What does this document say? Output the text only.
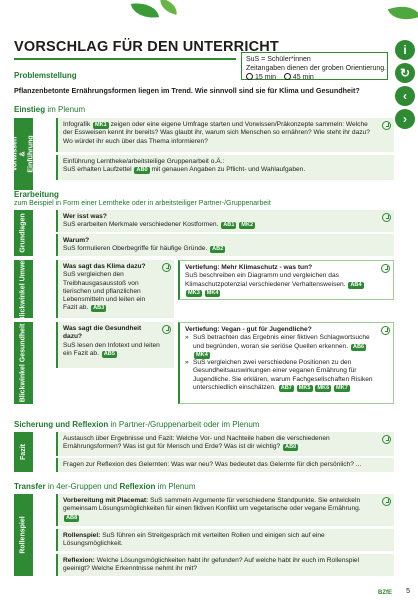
i
↻
‹
›
VORSCHLAG FÜR DEN UNTERRICHT
SuS = Schüler*innen
Zeitangaben dienen der groben Orientierung.
15 min 45 min
Problemstellung
Pflanzenbetonte Ernährungsformen liegen im Trend. Wie sinnvoll sind sie für Klima und Gesundheit?
Einstieg im Plenum
Vorwissen & Einführung
Infografik MK1 zeigen oder eine eigene Umfrage starten und Vorwissen/Präkonzepte sammeln: Welche der Essweisen kennt ihr bereits? Was glaubt ihr, warum sich Menschen so ernähren? Wie steht ihr dazu? Wo würdet ihr euch über das Thema informieren?
Einführung Lerntheke/arbeitsteilige Gruppenarbeit o.Ä.:
SuS erhalten Laufzettel AB0 mit genauen Angaben zu Pflicht- und Wahlaufgaben.
Erarbeitung
zum Beispiel in Form einer Lerntheke oder in arbeitsteiliger Partner-/Gruppenarbeit
Grundlagen	Wer isst was?
SuS erarbeiten Merkmale verschiedener Kostformen. AB1 MK2
Warum?
SuS formulieren Oberbegriffe für häufige Gründe. AB2
Blickwinkel Umwelt	Was sagt das Klima dazu?
SuS vergleichen den Treibhausgasausstoß von tierischen und pflanzlichen Lebensmitteln und leiten ein Fazit ab. AB3
Vertiefung: Mehr Klimaschutz - was tun?
SuS beschreiben ein Diagramm und vergleichen das Klimaschutzpotenzial verschiedener Verhaltensweisen. AB4 MK3 MK4
Blickwinkel Gesundheit	Was sagt die Gesundheit dazu?
SuS lesen den Infotext und leiten ein Fazit ab. AB5
Vertiefung: Vegan - gut für Jugendliche?
» SuS betrachten das Ergebnis einer fiktiven Schlagwortsuche und begründen, woran sie seriöse Quellen erkennen. AB6 MK4
» SuS vergleichen zwei verschiedene Positionen zu den Gesundheitsauswirkungen einer veganen Ernährung für Jugendliche. Sie erklären, warum Fachgesellschaften Risiken unterschiedlich einschätzen. AB7 MK5 MK6 MK7
Sicherung und Reflexion in Partner-/Gruppenarbeit oder im Plenum
Fazit
Austausch über Ergebnisse und Fazit: Welche Vor- und Nachteile haben die verschiedenen Ernährungsformen? Was ist gut für Mensch und Erde? Was ist dir wichtig? AB0
Fragen zur Reflexion des Gelernten: Was war neu? Was bedeutet das Gelernte für dich persönlich? ...
Transfer in 4er-Gruppen und Reflexion im Plenum
Rollenspiel
Vorbereitung mit Placemat: SuS sammeln Argumente für verschiedene Standpunkte. Sie entwickeln gemeinsam Lösungsmöglichkeiten für einen fiktiven Konflikt um vegetarische oder vegane Ernährung. AB8
Rollenspiel: SuS führen ein Streitgespräch mit verteilten Rollen und einigen sich auf eine Lösungsmöglichkeit.
Reflexion: Welche Lösungsmöglichkeiten habt ihr gefunden? Auf welche habt ihr euch im Rollenspiel geeinigt? Welche Erkenntnisse nehmt ihr mit?
BZfE 5
